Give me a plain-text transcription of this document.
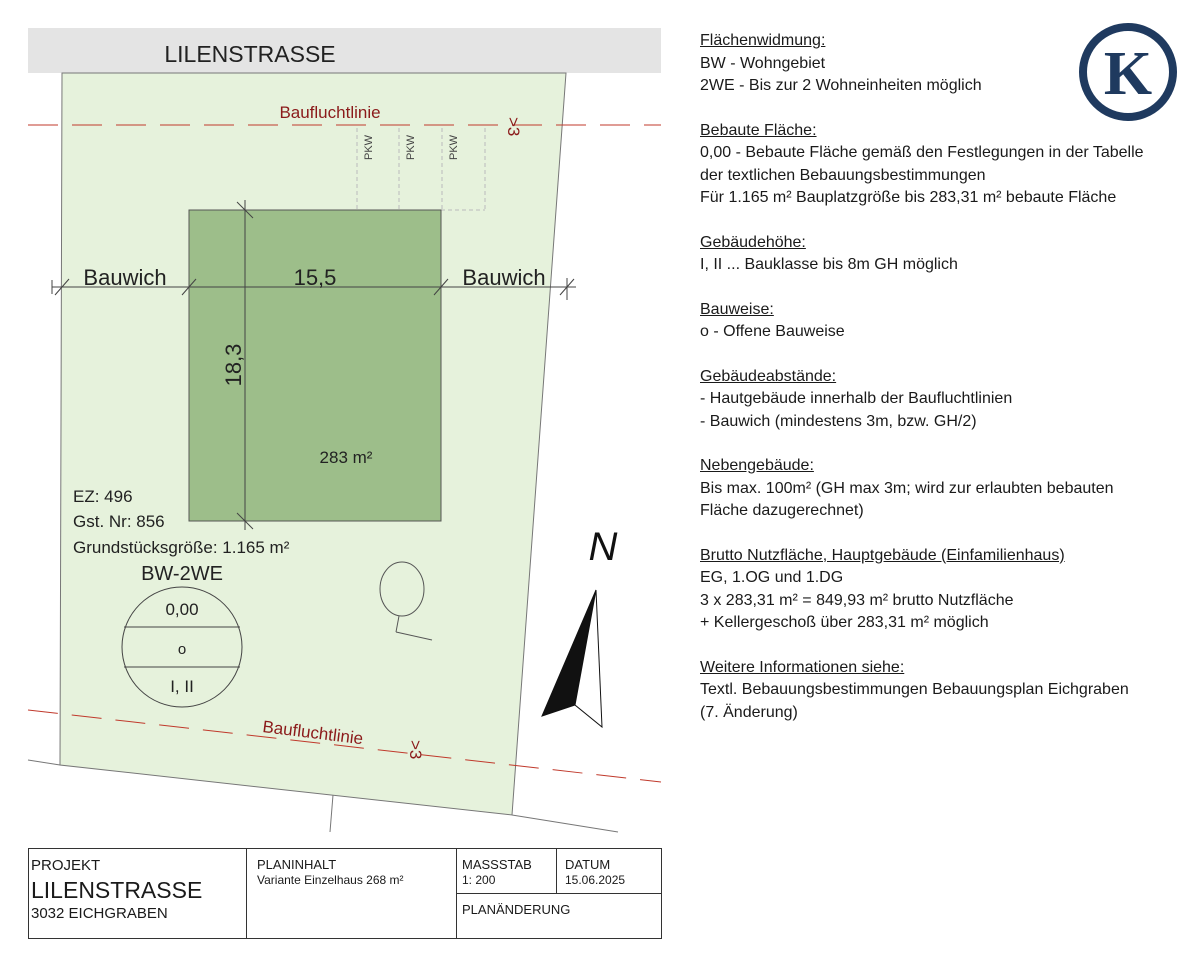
LILENSTRASSE
Baufluchtlinie
>3
Baufluchtlinie
>3
PKW	PKW	PKW
283 m²
Bauwich	15,5	Bauwich
18,3
EZ: 496
Gst. Nr: 856
Grundstücksgröße: 1.165 m²
BW-2WE
0,00
o
I, II
N
Flächenwidmung:
BW - Wohngebiet
2WE - Bis zur 2 Wohneinheiten möglich
Bebaute Fläche:
0,00 - Bebaute Fläche gemäß den Festlegungen in der Tabelle
der textlichen Bebauungsbestimmungen
Für 1.165 m² Bauplatzgröße bis 283,31 m² bebaute Fläche
Gebäudehöhe:
I, II ... Bauklasse bis 8m GH möglich
Bauweise:
o - Offene Bauweise
Gebäudeabstände:
- Hautgebäude innerhalb der Baufluchtlinien
- Bauwich (mindestens 3m, bzw. GH/2)
Nebengebäude:
Bis max. 100m² (GH max 3m; wird zur erlaubten bebauten
Fläche dazugerechnet)
Brutto Nutzfläche, Hauptgebäude (Einfamilienhaus)
EG, 1.OG und 1.DG
3 x 283,31 m² = 849,93 m² brutto Nutzfläche
+ Kellergeschoß über 283,31 m² möglich
Weitere Informationen siehe:
Textl. Bebauungsbestimmungen Bebauungsplan Eichgraben
(7. Änderung)
K
PROJEKT
LILENSTRASSE
3032 EICHGRABEN
PLANINHALT
Variante Einzelhaus 268 m²
MASSSTAB
1: 200
DATUM
15.06.2025
PLANÄNDERUNG
